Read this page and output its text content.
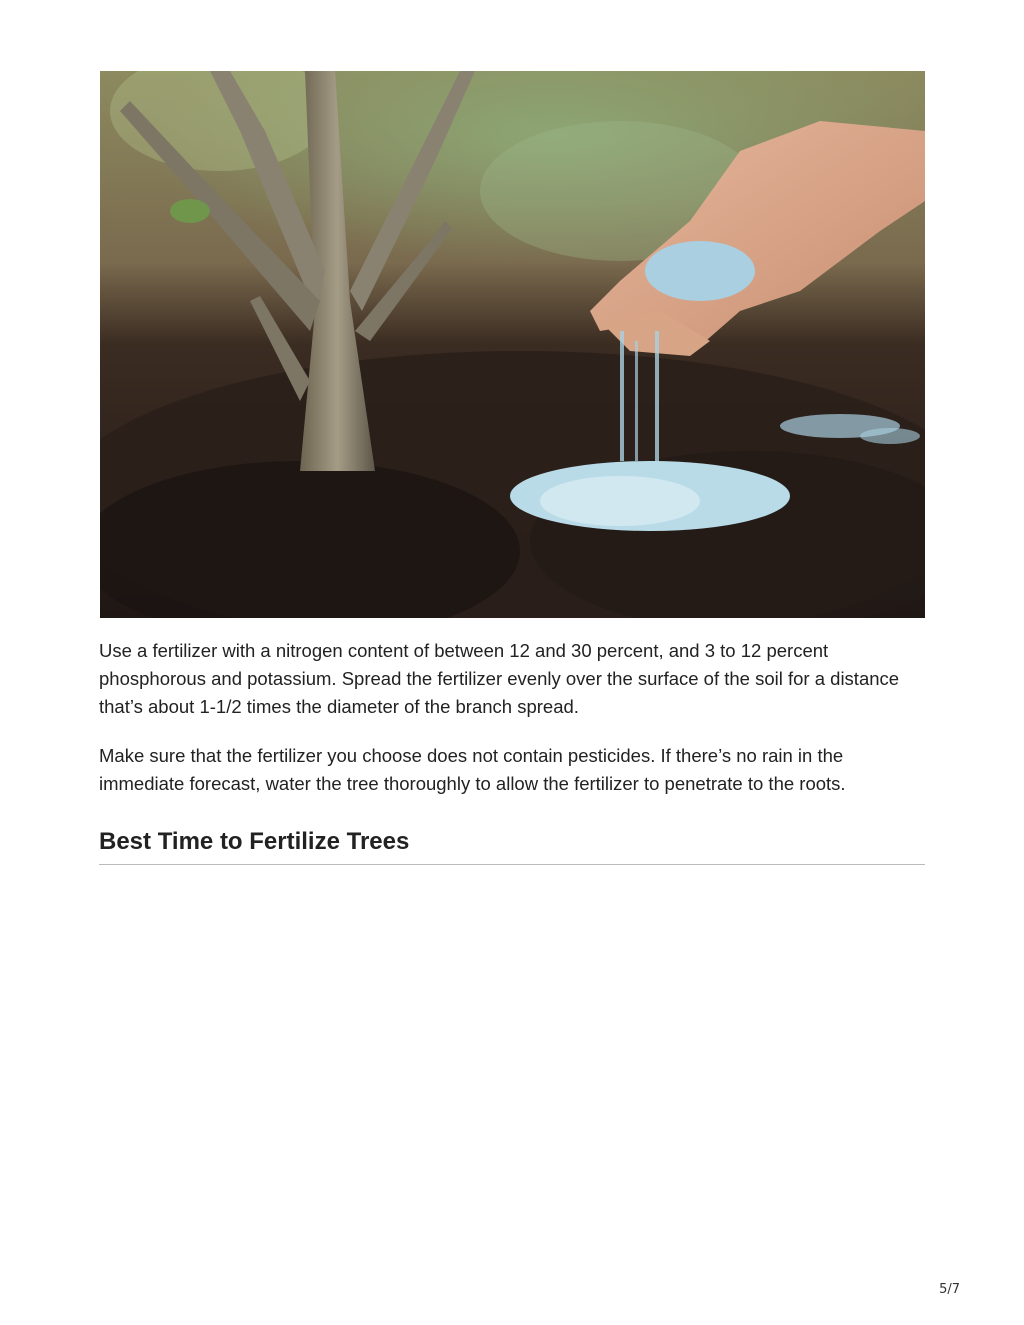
Use a fertilizer with a nitrogen content of between 12 and 30 percent, and 3 to 12 percent phosphorous and potassium. Spread the fertilizer evenly over the surface of the soil for a distance that’s about 1-1/2 times the diameter of the branch spread.

Make sure that the fertilizer you choose does not contain pesticides. If there’s no rain in the immediate forecast, water the tree thoroughly to allow the fertilizer to penetrate to the roots.

Best Time to Fertilize Trees
5/7
